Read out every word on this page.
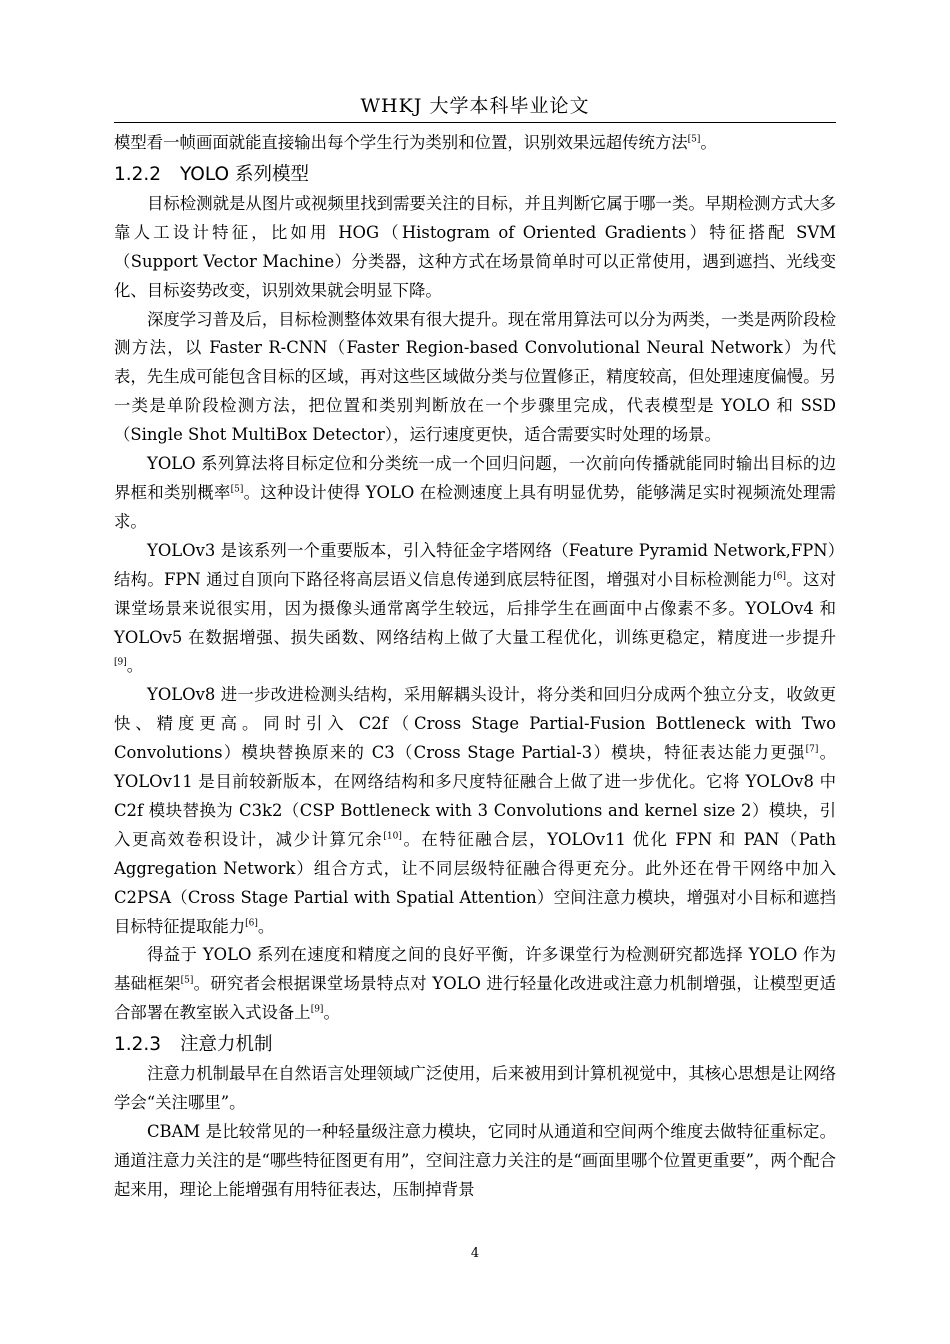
WHKJ 大学本科毕业论文

模型看一帧画面就能直接输出每个学生行为类别和位置，识别效果远超传统方法[5]。

1.2.2 YOLO 系列模型

目标检测就是从图片或视频里找到需要关注的目标，并且判断它属于哪一类。早期检测方式大多靠人工设计特征，比如用 HOG（Histogram of Oriented Gradients）特征搭配 SVM（Support Vector Machine）分类器，这种方式在场景简单时可以正常使用，遇到遮挡、光线变化、目标姿势改变，识别效果就会明显下降。

深度学习普及后，目标检测整体效果有很大提升。现在常用算法可以分为两类，一类是两阶段检测方法，以 Faster R-CNN（Faster Region-based Convolutional Neural Network）为代表，先生成可能包含目标的区域，再对这些区域做分类与位置修正，精度较高，但处理速度偏慢。另一类是单阶段检测方法，把位置和类别判断放在一个步骤里完成，代表模型是 YOLO 和 SSD（Single Shot MultiBox Detector），运行速度更快，适合需要实时处理的场景。

YOLO 系列算法将目标定位和分类统一成一个回归问题，一次前向传播就能同时输出目标的边界框和类别概率[5]。这种设计使得 YOLO 在检测速度上具有明显优势，能够满足实时视频流处理需求。

YOLOv3 是该系列一个重要版本，引入特征金字塔网络（Feature Pyramid Network,FPN）结构。FPN 通过自顶向下路径将高层语义信息传递到底层特征图，增强对小目标检测能力[6]。这对课堂场景来说很实用，因为摄像头通常离学生较远，后排学生在画面中占像素不多。YOLOv4 和 YOLOv5 在数据增强、损失函数、网络结构上做了大量工程优化，训练更稳定，精度进一步提升[9]。

YOLOv8 进一步改进检测头结构，采用解耦头设计，将分类和回归分成两个独立分支，收敛更快、精度更高。同时引入 C2f（Cross Stage Partial-Fusion Bottleneck with Two Convolutions）模块替换原来的 C3（Cross Stage Partial-3）模块，特征表达能力更强[7]。YOLOv11 是目前较新版本，在网络结构和多尺度特征融合上做了进一步优化。它将 YOLOv8 中 C2f 模块替换为 C3k2（CSP Bottleneck with 3 Convolutions and kernel size 2）模块，引入更高效卷积设计，减少计算冗余[10]。在特征融合层，YOLOv11 优化 FPN 和 PAN（Path Aggregation Network）组合方式，让不同层级特征融合得更充分。此外还在骨干网络中加入 C2PSA（Cross Stage Partial with Spatial Attention）空间注意力模块，增强对小目标和遮挡目标特征提取能力[6]。

得益于 YOLO 系列在速度和精度之间的良好平衡，许多课堂行为检测研究都选择 YOLO 作为基础框架[5]。研究者会根据课堂场景特点对 YOLO 进行轻量化改进或注意力机制增强，让模型更适合部署在教室嵌入式设备上[9]。

1.2.3 注意力机制

注意力机制最早在自然语言处理领域广泛使用，后来被用到计算机视觉中，其核心思想是让网络学会“关注哪里”。

CBAM 是比较常见的一种轻量级注意力模块，它同时从通道和空间两个维度去做特征重标定。通道注意力关注的是“哪些特征图更有用”，空间注意力关注的是“画面里哪个位置更重要”，两个配合起来用，理论上能增强有用特征表达，压制掉背景

4
